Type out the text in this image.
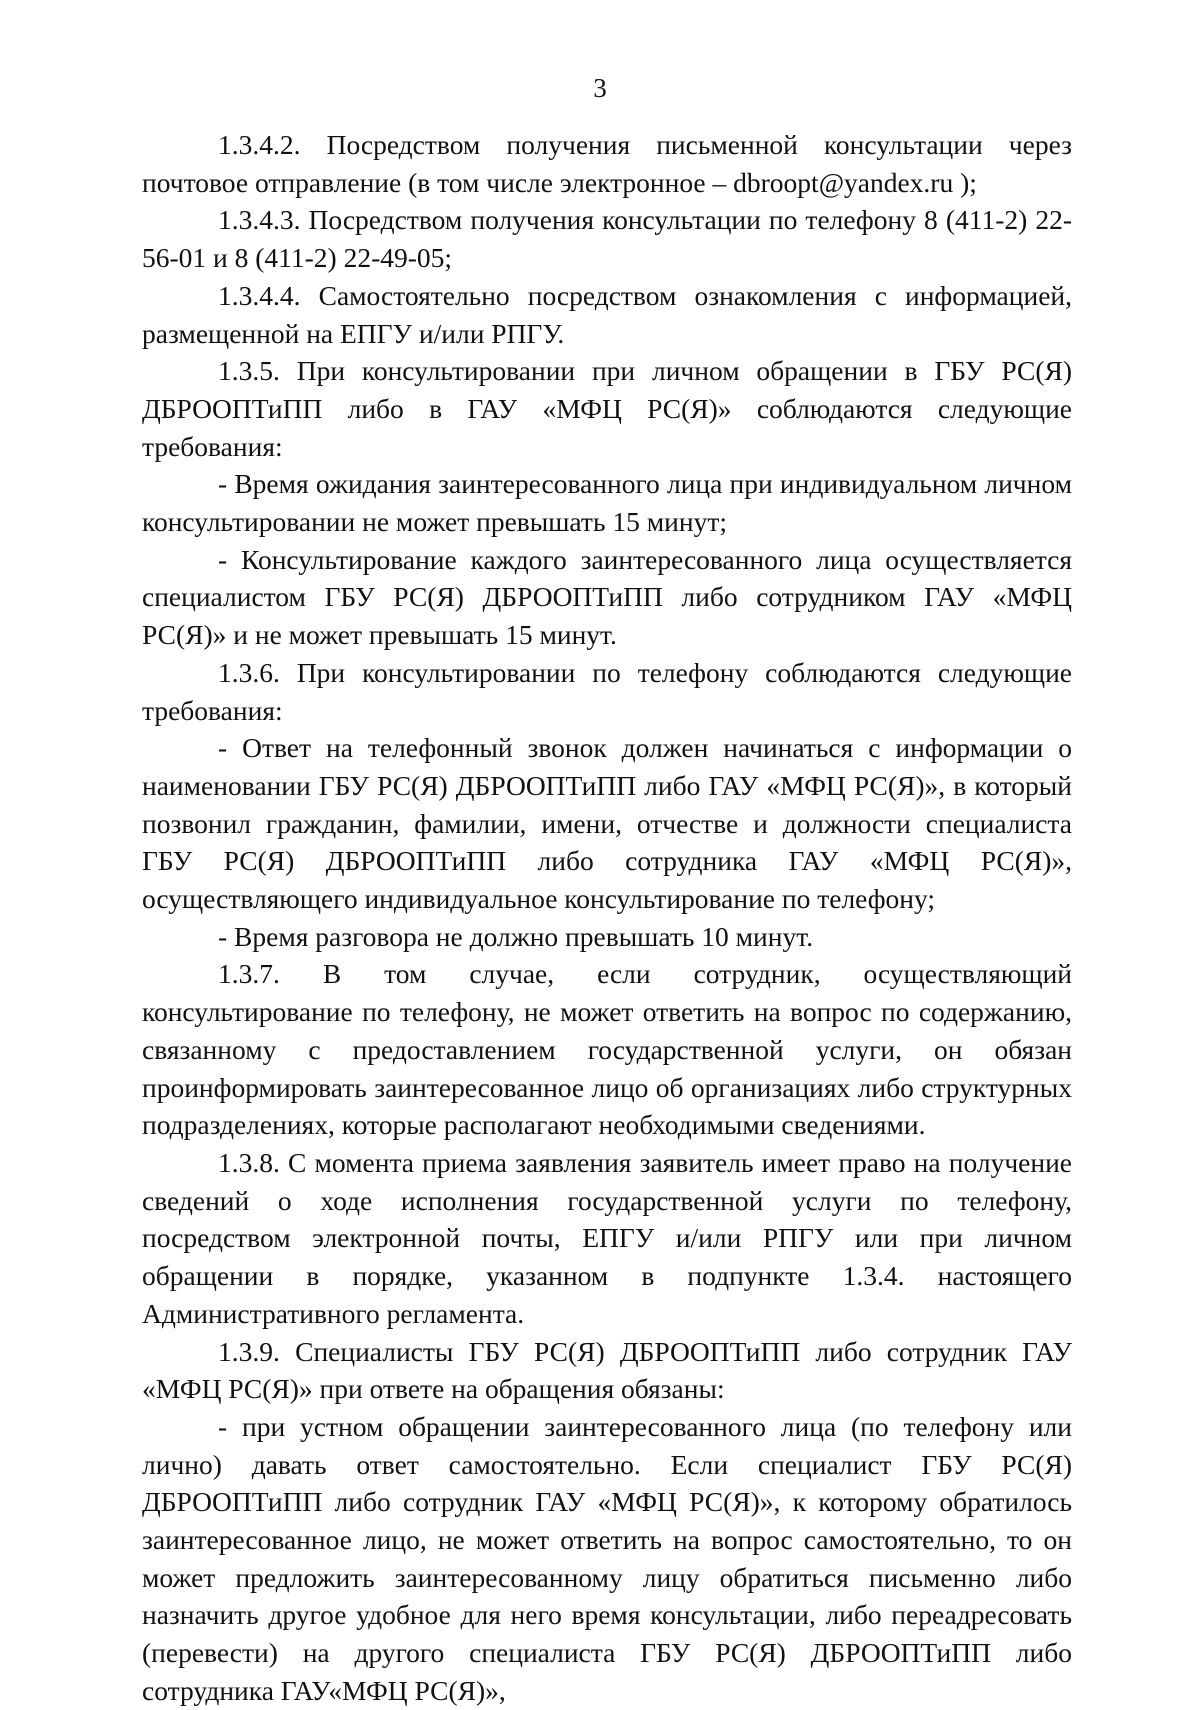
3

1.3.4.2. Посредством получения письменной консультации через почтовое отправление (в том числе электронное – dbroopt@yandex.ru );

1.3.4.3. Посредством получения консультации по телефону 8 (411-2) 22-56-01 и 8 (411-2) 22-49-05;

1.3.4.4. Самостоятельно посредством ознакомления с информацией, размещенной на ЕПГУ и/или РПГУ.

1.3.5. При консультировании при личном обращении в ГБУ РС(Я) ДБРООПТиПП либо в ГАУ «МФЦ РС(Я)» соблюдаются следующие требования:

- Время ожидания заинтересованного лица при индивидуальном личном консультировании не может превышать 15 минут;

- Консультирование каждого заинтересованного лица осуществляется специалистом ГБУ РС(Я) ДБРООПТиПП либо сотрудником ГАУ «МФЦ РС(Я)» и не может превышать 15 минут.

1.3.6. При консультировании по телефону соблюдаются следующие требования:

- Ответ на телефонный звонок должен начинаться с информации о наименовании ГБУ РС(Я) ДБРООПТиПП либо ГАУ «МФЦ РС(Я)», в который позвонил гражданин, фамилии, имени, отчестве и должности специалиста ГБУ РС(Я) ДБРООПТиПП либо сотрудника ГАУ «МФЦ РС(Я)», осуществляющего индивидуальное консультирование по телефону;

- Время разговора не должно превышать 10 минут.

1.3.7. В том случае, если сотрудник, осуществляющий консультирование по телефону, не может ответить на вопрос по содержанию, связанному с предоставлением государственной услуги, он обязан проинформировать заинтересованное лицо об организациях либо структурных подразделениях, которые располагают необходимыми сведениями.

1.3.8. С момента приема заявления заявитель имеет право на получение сведений о ходе исполнения государственной услуги по телефону, посредством электронной почты, ЕПГУ и/или РПГУ или при личном обращении в порядке, указанном в подпункте 1.3.4. настоящего Административного регламента.

1.3.9. Специалисты ГБУ РС(Я) ДБРООПТиПП либо сотрудник ГАУ «МФЦ РС(Я)» при ответе на обращения обязаны:

- при устном обращении заинтересованного лица (по телефону или лично) давать ответ самостоятельно. Если специалист ГБУ РС(Я) ДБРООПТиПП либо сотрудник ГАУ «МФЦ РС(Я)», к которому обратилось заинтересованное лицо, не может ответить на вопрос самостоятельно, то он может предложить заинтересованному лицу обратиться письменно либо назначить другое удобное для него время консультации, либо переадресовать (перевести) на другого специалиста ГБУ РС(Я) ДБРООПТиПП либо сотрудника ГАУ«МФЦ РС(Я)»,
